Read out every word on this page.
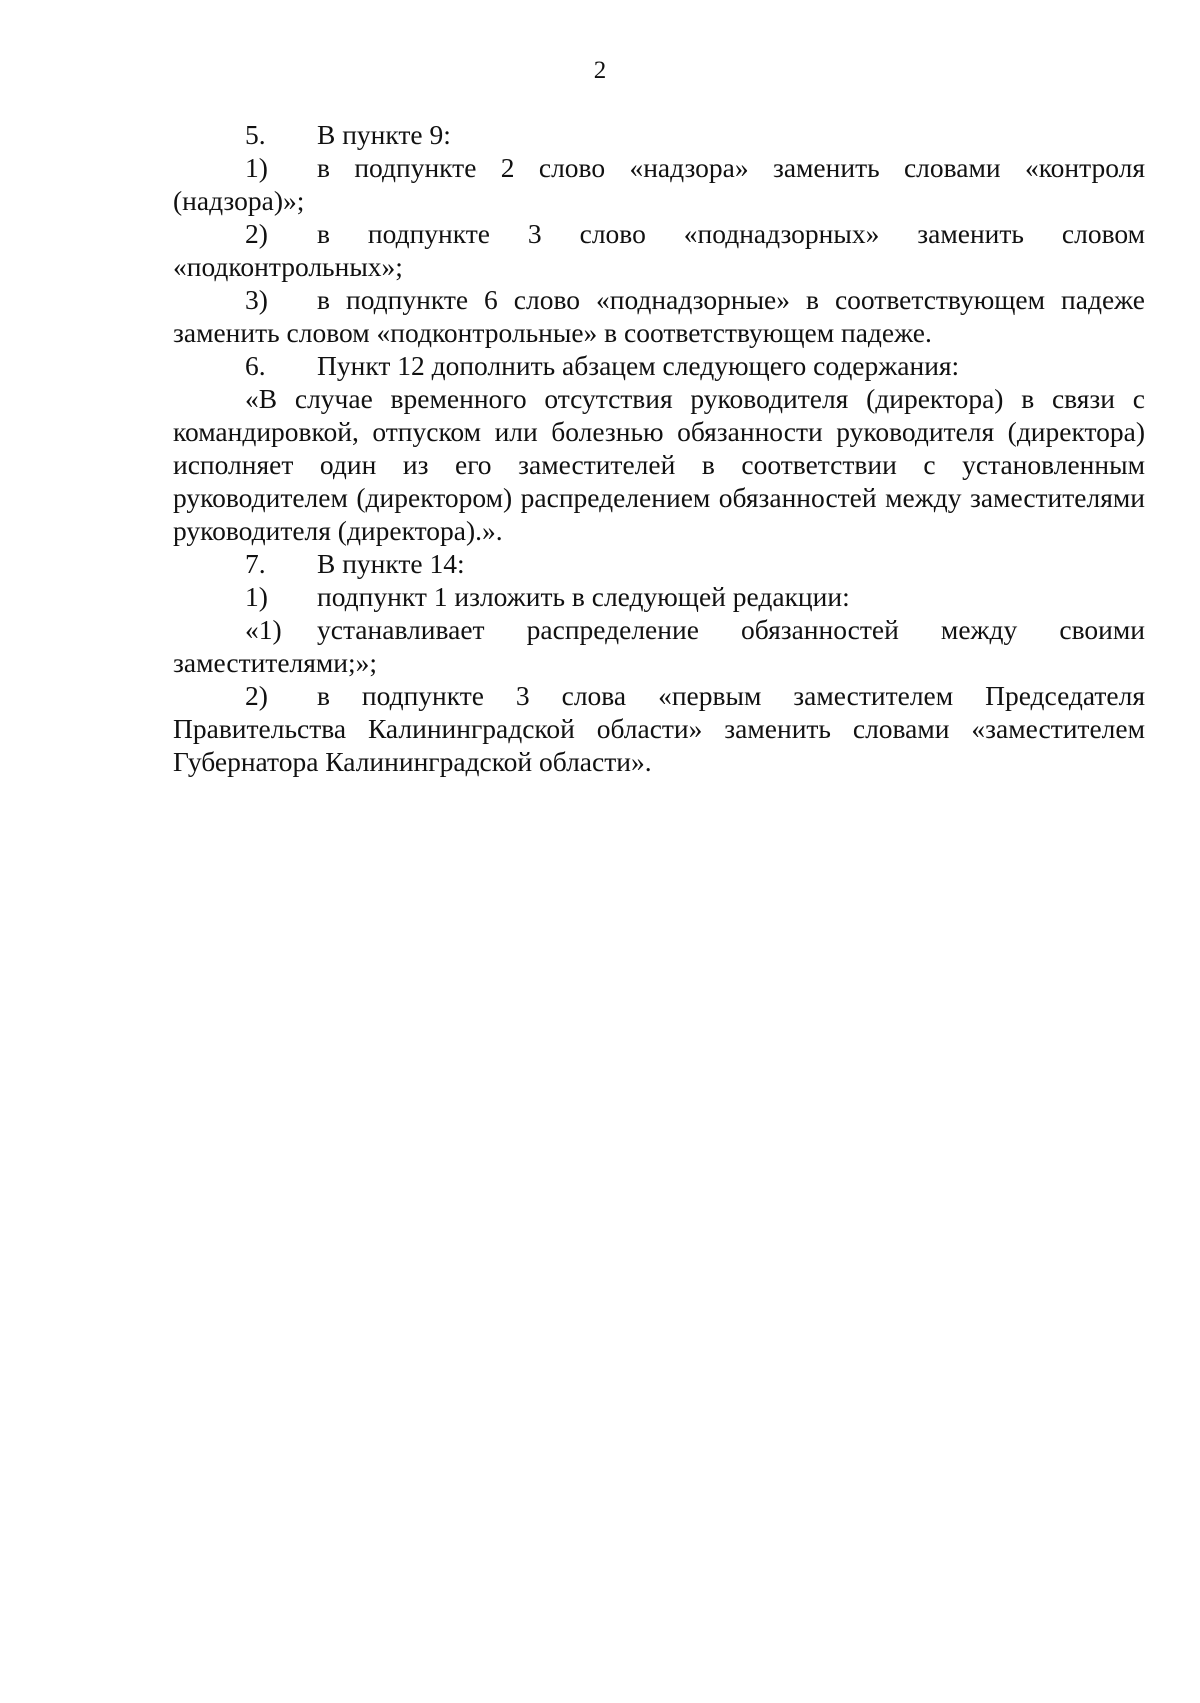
2

5. В пункте 9:

1) в подпункте 2 слово «надзора» заменить словами «контроля (надзора)»;

2) в подпункте 3 слово «поднадзорных» заменить словом «подконтрольных»;

3) в подпункте 6 слово «поднадзорные» в соответствующем падеже заменить словом «подконтрольные» в соответствующем падеже.

6. Пункт 12 дополнить абзацем следующего содержания:

«В случае временного отсутствия руководителя (директора) в связи с командировкой, отпуском или болезнью обязанности руководителя (директора) исполняет один из его заместителей в соответствии с установленным руководителем (директором) распределением обязанностей между заместителями руководителя (директора).».

7. В пункте 14:

1) подпункт 1 изложить в следующей редакции:

«1) устанавливает распределение обязанностей между своими заместителями;»;

2) в подпункте 3 слова «первым заместителем Председателя Правительства Калининградской области» заменить словами «заместителем Губернатора Калининградской области».
